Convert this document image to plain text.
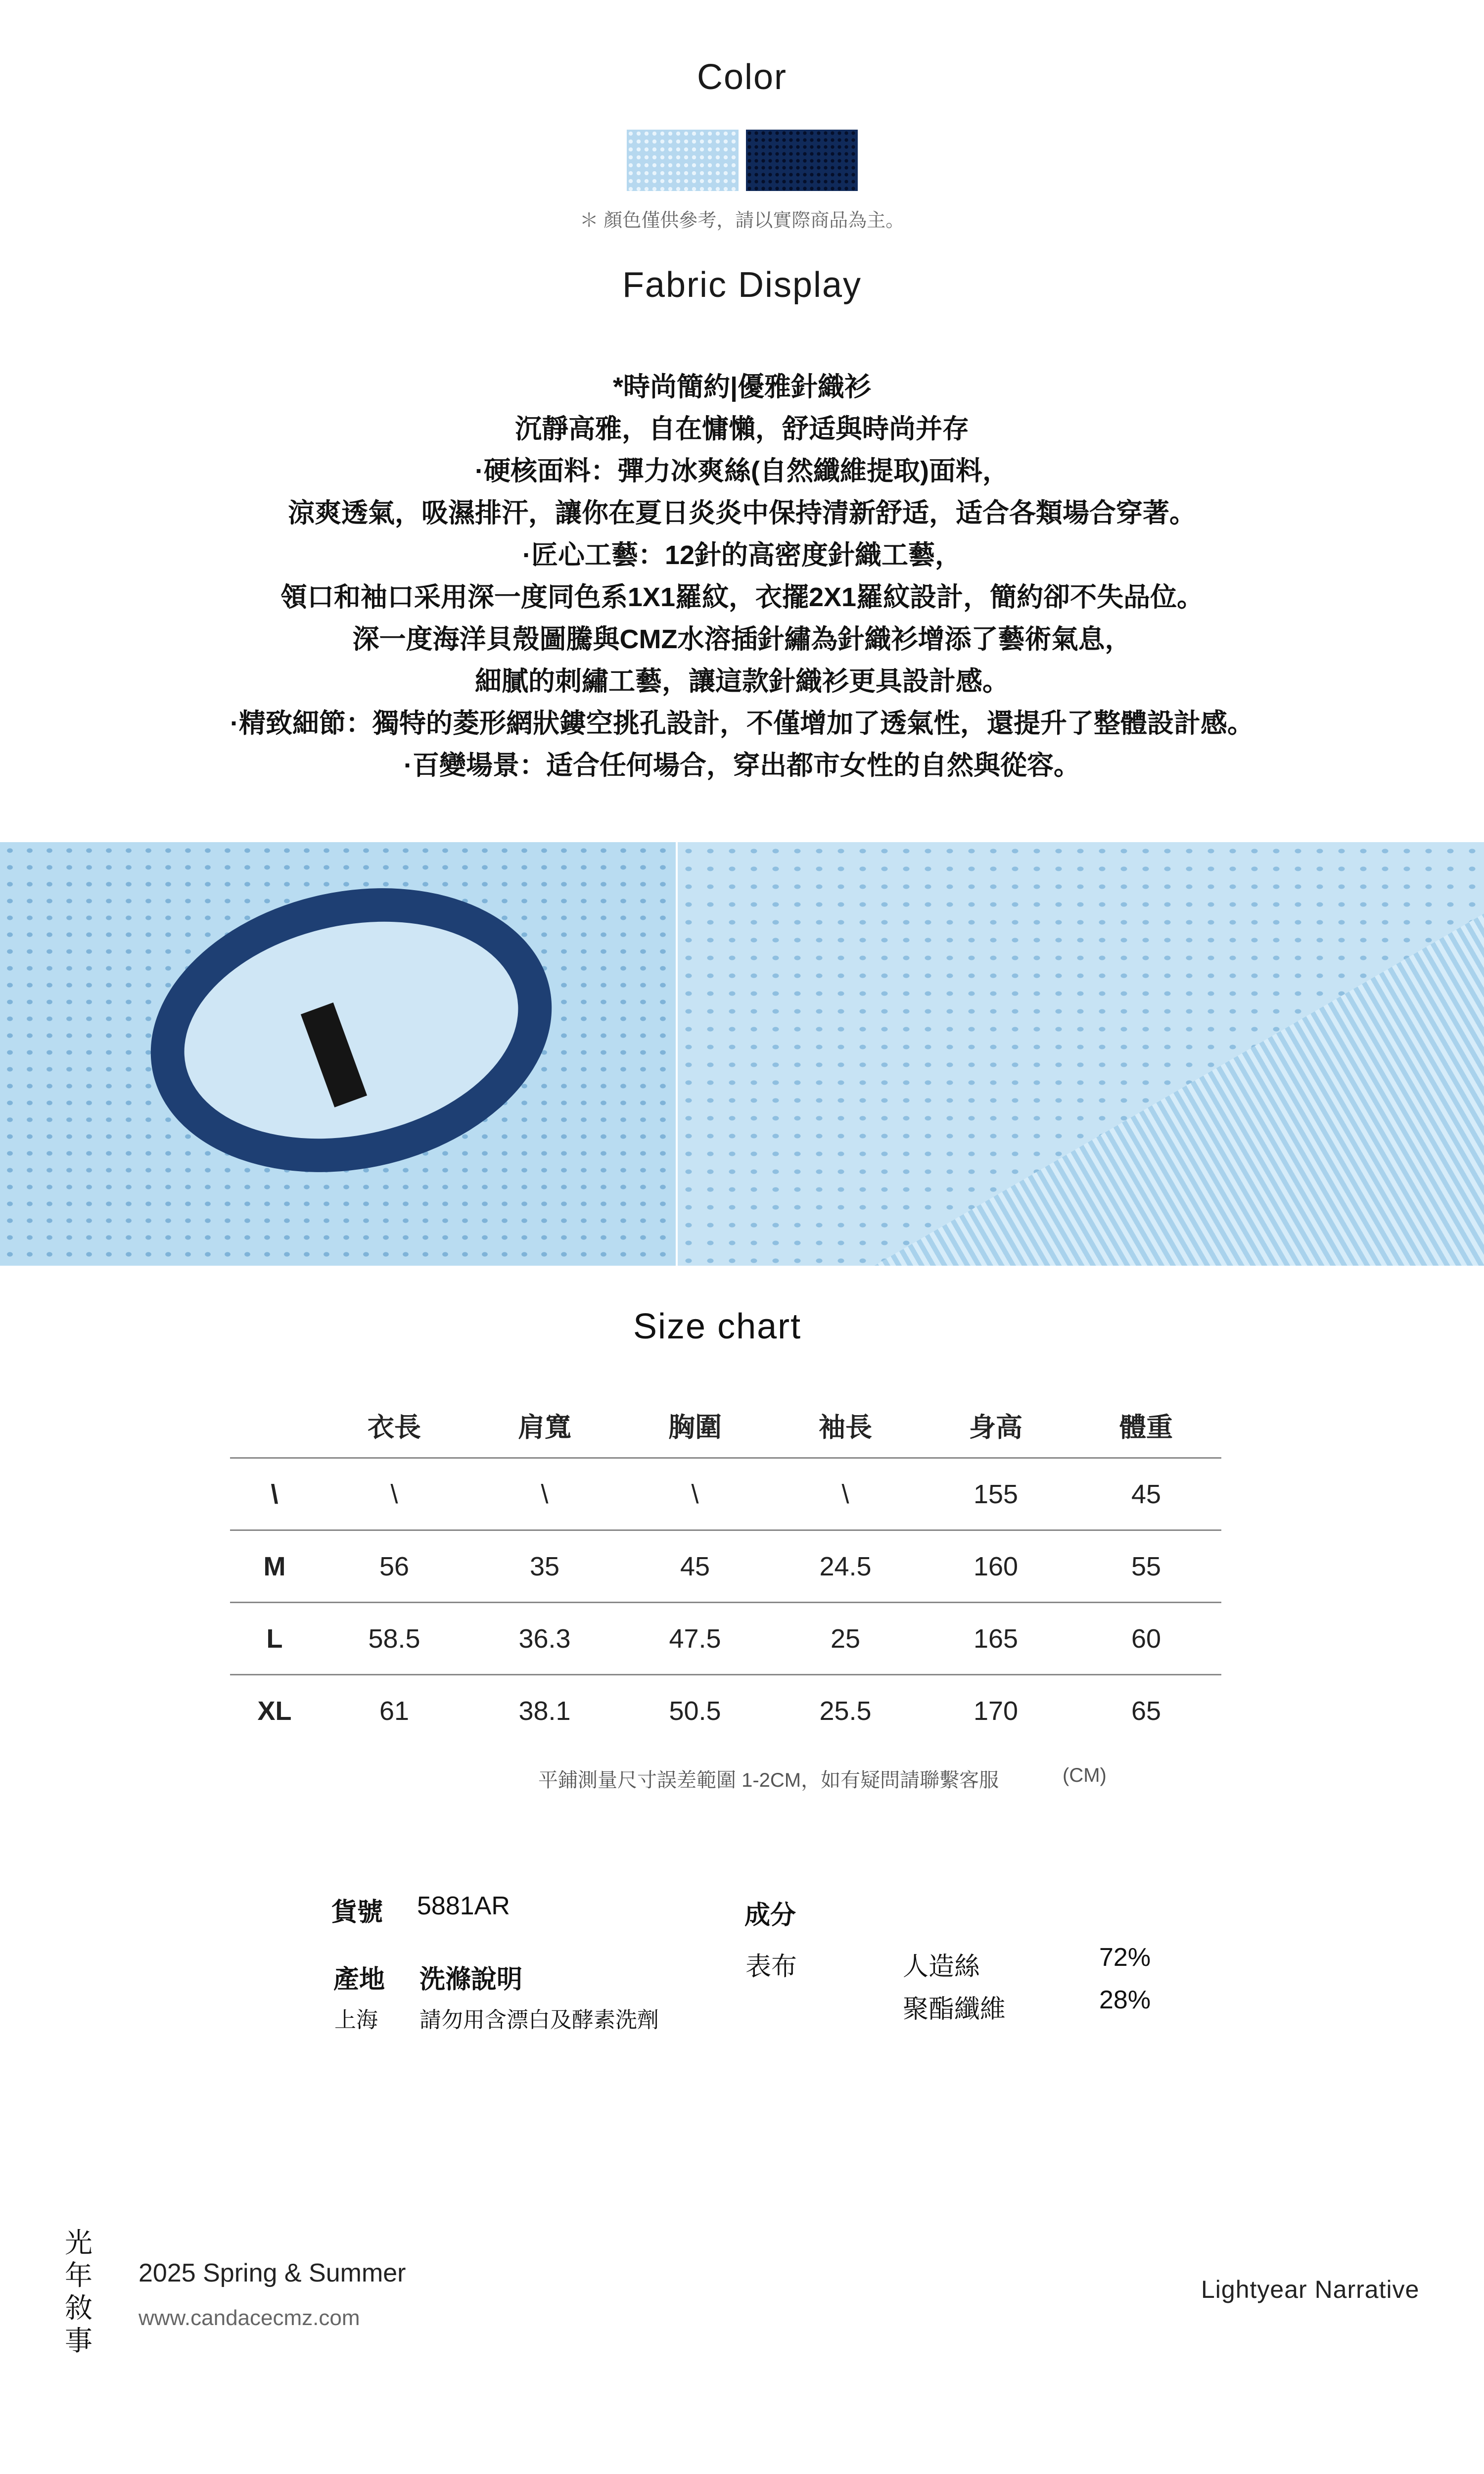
Color
＊ 顏色僅供參考，請以實際商品為主。
Fabric Display
*時尚簡約|優雅針織衫
沉靜高雅，自在慵懶，舒适與時尚并存
·硬核面料：彈力冰爽絲(自然纖維提取)面料，
涼爽透氣，吸濕排汗，讓你在夏日炎炎中保持清新舒适，适合各類場合穿著。
·匠心工藝：12針的高密度針織工藝，
領口和袖口采用深一度同色系1X1羅紋，衣擺2X1羅紋設計，簡約卻不失品位。
深一度海洋貝殼圖騰與CMZ水溶插針繡為針織衫增添了藝術氣息，
細膩的刺繡工藝，讓這款針織衫更具設計感。
·精致細節：獨特的菱形網狀鏤空挑孔設計，不僅增加了透氣性，還提升了整體設計感。
·百變場景：适合任何場合，穿出都市女性的自然與從容。
Size chart
	衣長	肩寬	胸圍	袖長	身高	體重
\	\	\	\	\	155	45
M	56	35	45	24.5	160	55
L	58.5	36.3	47.5	25	165	60
XL	61	38.1	50.5	25.5	170	65
平鋪測量尺寸誤差範圍 1-2CM，如有疑問請聯繫客服	(CM)
貨號 5881AR
產地 洗滌說明
上海 請勿用含漂白及酵素洗劑
成分
表布	人造絲	72%
聚酯纖維	28%
光
年
敘
事
2025 Spring & Summer
www.candacecmz.com
Lightyear Narrative
